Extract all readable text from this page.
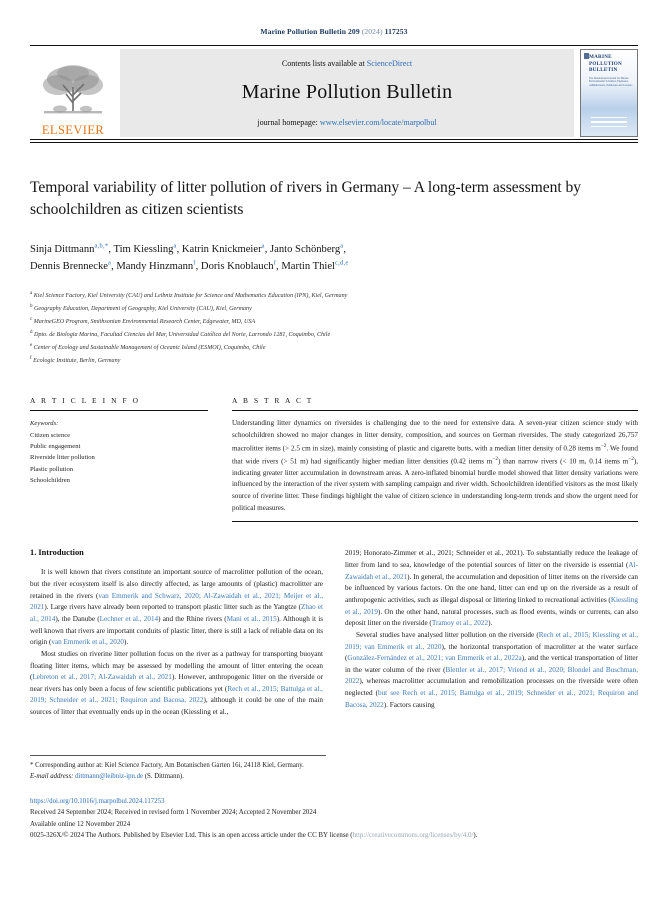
Marine Pollution Bulletin 209 (2024) 117253
ELSEVIER
Contents lists available at ScienceDirect
Marine Pollution Bulletin
journal homepage: www.elsevier.com/locate/marpolbul
MARINE POLLUTION BULLETIN
The International Journal for Marine Environmental Scientists, Engineers, Administrators, Politicians and Lawyers
Temporal variability of litter pollution of rivers in Germany – A long-term assessment by schoolchildren as citizen scientists
Sinja Dittmann$^{a,b,*}$, Tim Kiessling$^a$, Katrin Knickmeier$^a$, Janto Schönberg$^a$,
Dennis Brennecke$^a$, Mandy Hinzmann$^f$, Doris Knoblauch$^f$, Martin Thiel$^{c,d,e}$
$^a$ Kiel Science Factory, Kiel University (CAU) and Leibniz Institute for Science and Mathematics Education (IPN), Kiel, Germany
$^b$ Geography Education, Department of Geography, Kiel University (CAU), Kiel, Germany
$^c$ MarineGEO Program, Smithsonian Environmental Research Center, Edgewater, MD, USA
$^d$ Dpto. de Biologia Marina, Facultad Ciencias del Mar, Universidad Católica del Norte, Larrondo 1281, Coquimbo, Chile
$^e$ Center of Ecology and Sustainable Management of Oceanic Island (ESMOI), Coquimbo, Chile
$^f$ Ecologic Institute, Berlin, Germany
A R T I C L E I N F O
Keywords:
Citizen science
Public engagement
Riverside litter pollution
Plastic pollution
Schoolchildren
A B S T R A C T
Understanding litter dynamics on riversides is challenging due to the need for extensive data. A seven-year citizen science study with schoolchildren showed no major changes in litter density, composition, and sources on German riversides. The study categorized 26,757 macrolitter items (> 2.5 cm in size), mainly consisting of plastic and cigarette butts, with a median litter density of 0.28 items $m^{-2}$. We found that wide rivers (> 51 m) had significantly higher median litter densities (0.42 items $m^{-2}$) than narrow rivers (< 10 m, 0.14 items $m^{-2}$), indicating greater litter accumulation in downstream areas. A zero-inflated binomial hurdle model showed that litter density variations were influenced by the interaction of the river system with sampling campaign and river width. Schoolchildren identified visitors as the most likely source of riverine litter. These findings highlight the value of citizen science in understanding long-term trends and show the urgent need for political measures.
1. Introduction

It is well known that rivers constitute an important source of macrolitter pollution of the ocean, but the river ecosystem itself is also directly affected, as large amounts of (plastic) macrolitter are retained in the rivers (van Emmerik and Schwarz, 2020; Al-Zawaidah et al., 2021; Meijer et al., 2021). Large rivers have already been reported to transport plastic litter such as the Yangtze (Zhao et al., 2014), the Danube (Lechner et al., 2014) and the Rhine rivers (Mani et al., 2015). Although it is well known that rivers are important conduits of plastic litter, there is still a lack of reliable data on its origin (van Emmerik et al., 2020).

Most studies on riverine litter pollution focus on the river as a pathway for transporting buoyant floating litter items, which may be assessed by modelling the amount of litter entering the ocean (Lebreton et al., 2017; Al-Zawaidah et al., 2021). However, anthropogenic litter on the riverside or near rivers has only been a focus of few scientific publications yet (Rech et al., 2015; Battulga et al., 2019; Schneider et al., 2021; Requiron and Bacosa, 2022), although it could be one of the main sources of litter that eventually ends up in the ocean (Kiessling et al.,

2019; Honorato-Zimmer et al., 2021; Schneider et al., 2021). To substantially reduce the leakage of litter from land to sea, knowledge of the potential sources of litter on the riverside is essential (Al-Zawaidah et al., 2021). In general, the accumulation and deposition of litter items on the riverside can be influenced by various factors. On the one hand, litter can end up on the riverside as a result of anthropogenic activities, such as illegal disposal or littering linked to recreational activities (Kiessling et al., 2019). On the other hand, natural processes, such as flood events, winds or currents, can also deposit litter on the riverside (Tramoy et al., 2022).

Several studies have analysed litter pollution on the riverside (Rech et al., 2015; Kiessling et al., 2019; van Emmerik et al., 2020), the horizontal transportation of macrolitter at the water surface (González-Fernández et al., 2021; van Emmerik et al., 2022a), and the vertical transportation of litter in the water column of the river (Blettler et al., 2017; Vriend et al., 2020; Blondel and Buschman, 2022), whereas macrolitter accumulation and remobilization processes on the riverside were often neglected (but see Rech et al., 2015; Battulga et al., 2019; Schneider et al., 2021; Requiron and Bacosa, 2022). Factors causing

* Corresponding author at: Kiel Science Factory, Am Botanischen Garten 16i, 24118 Kiel, Germany.
E-mail address: dittmann@leibniz-ipn.de (S. Dittmann).
https://doi.org/10.1016/j.marpolbul.2024.117253
Received 24 September 2024; Received in revised form 1 November 2024; Accepted 2 November 2024
Available online 12 November 2024
0025-326X/© 2024 The Authors. Published by Elsevier Ltd. This is an open access article under the CC BY license (http://creativecommons.org/licenses/by/4.0/).
